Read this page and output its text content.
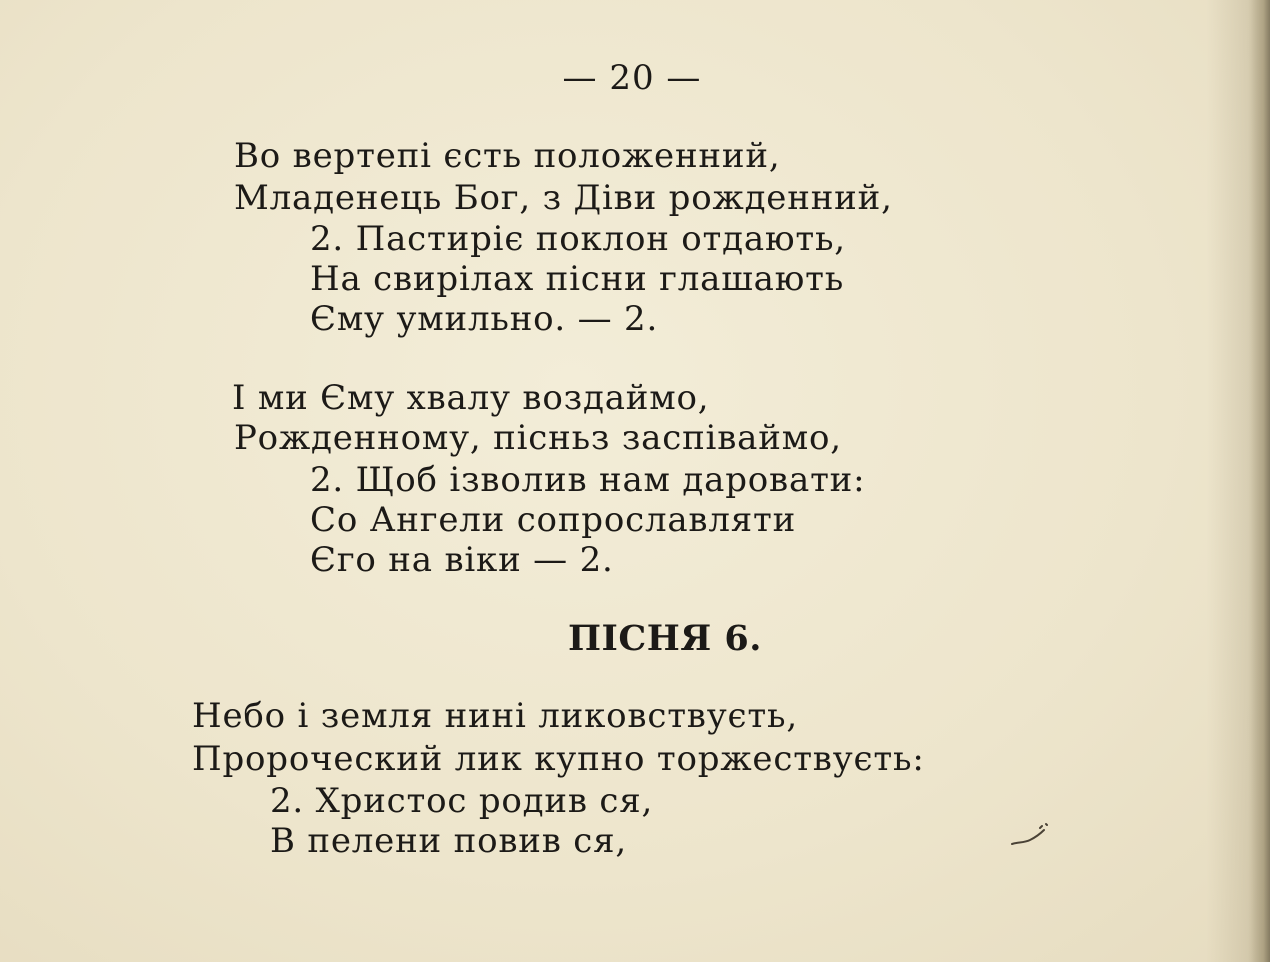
— 20 —
Во вертепі єсть положенний,
Младенець Бог, з Діви рожденний,
2. Пастиріє поклон отдають,
На свирілах пісни глашають
Єму умильно. — 2.
І ми Єму хвалу воздаймо,
Рожденному, пісньз заспіваймо,
2. Щоб ізволив нам даровати:
Со Ангели сопрославляти
Єго на віки — 2.
ПІСНЯ 6.
Небо і земля нині ликовствуєть,
Пророческий лик купно торжествуєть:
2. Христос родив ся,
В пелени повив ся,
